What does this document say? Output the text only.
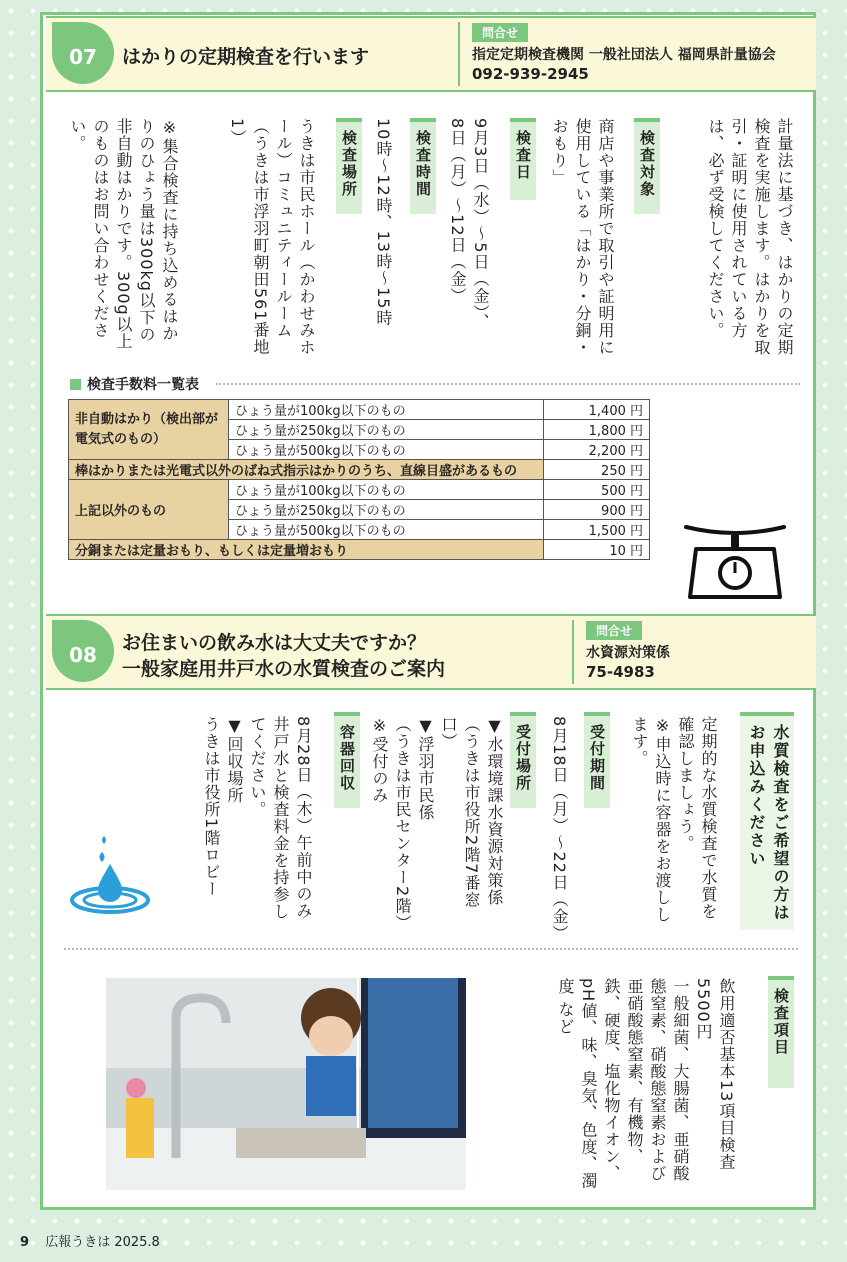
07 はかりの定期検査を行います
問合せ
指定定期検査機関 一般社団法人 福岡県計量協会
092-939-2945
計量法に基づき、はかりの定期検査を実施します。はかりを取引・証明に使用されている方は、必ず受検してください。
検査対象
商店や事業所で取引や証明用に使用している「はかり・分銅・おもり」
検査日
9月3日（水）～5日（金）、
8日（月）～12日（金）
検査時間
10時～12時、13時～15時
検査場所
うきは市民ホール（かわせみホール）コミュニティールーム
（うきは市浮羽町朝田561番地1）
※集合検査に持ち込めるはかりのひょう量は300kg以下の非自動はかりです。300g以上のものはお問い合わせください。
検査手数料一覧表
非自動はかり（検出部が電気式のもの）	ひょう量が100kg以下のもの	1,400 円
	ひょう量が250kg以下のもの	1,800 円
	ひょう量が500kg以下のもの	2,200 円
棒はかりまたは光電式以外のばね式指示はかりのうち、直線目盛があるもの		250 円
上記以外のもの	ひょう量が100kg以下のもの	500 円
	ひょう量が250kg以下のもの	900 円
	ひょう量が500kg以下のもの	1,500 円
分銅または定量おもり、もしくは定量増おもり		10 円
08 お住まいの飲み水は大丈夫ですか？
一般家庭用井戸水の水質検査のご案内
問合せ
水資源対策係
75-4983
水質検査をご希望の方は
お申込みください
定期的な水質検査で水質を確認しましょう。
※申込時に容器をお渡しします。
受付期間
8月18日（月）～22日（金）
受付場所
▼水環境課水資源対策係
（うきは市役所2階7番窓口）
▼浮羽市民係
（うきは市民センター2階）
※受付のみ
容器回収
8月28日（木）午前中のみ
井戸水と検査料金を持参してください。
▼回収場所
うきは市役所1階ロビー
検査項目
飲用適否基本13項目検査
5500円
一般細菌、大腸菌、亜硝酸態窒素、硝酸態窒素および亜硝酸態窒素、有機物、鉄、硬度、塩化物イオン、pH値、味、臭気、色度、濁度 など
9 広報うきは 2025.8
